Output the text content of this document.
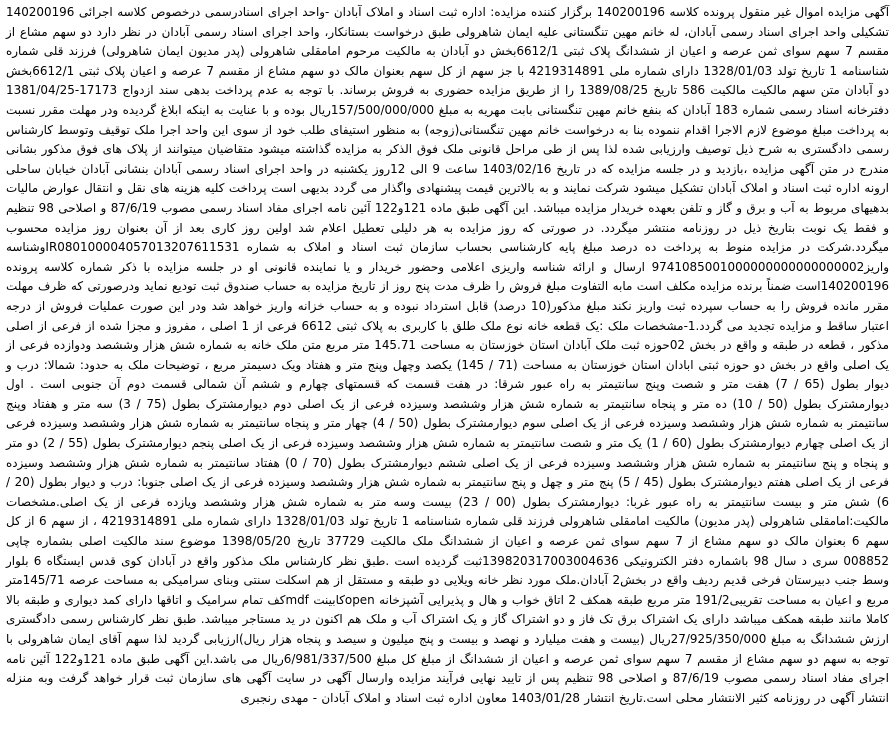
آگهی مزایده اموال غیر منقول پرونده کلاسه 140200196 برگزار کننده مزایده: اداره ثبت اسناد و املاک آبادان -واحد اجرای اسنادرسمی درخصوص کلاسه اجرائی 140200196 تشکیلی واحد اجرای اسناد رسمی آبادان، له خانم مهین تنگستانی علیه ایمان شاهرولی طبق درخواست بستانکار، واحد اجرای اسناد رسمی آبادان در نظر دارد دو سهم مشاع از مقسم 7 سهم سوای ثمن عرصه و اعیان از ششدانگ پلاک ثبتی 6612/1بخش دو آبادان به مالکیت مرحوم امامقلی شاهرولی (پدر مدیون ایمان شاهرولی) فرزند قلی شماره شناسنامه 1 تاریخ تولد 1328/01/03 دارای شماره ملی 4219314891 با جز سهم از کل سهم بعنوان مالک دو سهم مشاع از مقسم 7 عرصه و اعیان پلاک ثبتی 6612/1بخش دو آبادان متن سهم مالکیت مالکیت 586 تاریخ 1389/08/25 را از طریق مزایده حضوری به فروش برساند. با توجه به عدم پرداخت بدهی سند ازدواج 17173-1381/04/25 دفترخانه اسناد رسمی شماره 183 آبادان که بنفع خانم مهین تنگستانی بابت مهریه به مبلغ 157/500/000/000ریال بوده و با عنایت به اینکه ابلاغ گردیده ودر مهلت مقرر نسبت به پرداخت مبلغ موضوع لازم الاجرا اقدام ننموده بنا به درخواست خانم مهین تنگستانی(زوجه) به منظور استیفای طلب خود از سوی این واحد اجرا ملک توقیف وتوسط کارشناس رسمی دادگستری به شرح ذیل توصیف وارزیابی شده لذا پس از طی مراحل قانونی ملک فوق الذکر به مزایده گذاشته میشود متقاضیان میتوانند از پلاک های فوق مذکور بشانی مندرج در متن آگهی مزایده ،بازدید و در جلسه مزایده که در تاریخ 1403/02/16 ساعت 9 الی 12روز یکشنبه در واحد اجرای اسناد رسمی آبادان بنشانی آبادان خیابان ساحلی ارونه اداره ثبت اسناد و املاک آبادان تشکیل میشود شرکت نمایند و به بالاترین قیمت پیشنهادی واگذار می گردد بدیهی است پرداخت کلیه هزینه های نقل و انتقال عوارض مالیات بدهیهای مربوط به آب و برق و گاز و تلفن بعهده خریدار مزایده میباشد. این آگهی طبق ماده 121و122 آئین نامه اجرای مفاد اسناد رسمی مصوب 87/6/19 و اصلاحی 98 تنظیم و فقط یک نوبت بتاریخ ذیل در روزنامه منتشر میگردد. در صورتی که روز مزایده به هر دلیلی تعطیل اعلام شد اولین روز کاری بعد از آن بعنوان روز مزایده محسوب میگردد.شرکت در مزایده منوط به پرداخت ده درصد مبلغ پایه کارشناسی بحساب سازمان ثبت اسناد و املاک به شماره IR080100004057013207611531وشناسه واریز9741085001000000000000000002 ارسال و ارائه شناسه واریزی اعلامی وحضور خریدار و یا نماینده قانونی او در جلسه مزایده با ذکر شماره کلاسه پرونده 140200196است ضمناً برنده مزایده مکلف است مابه التفاوت مبلغ فروش را ظرف مدت پنج روز از تاریخ مزایده به حساب صندوق ثبت تودیع نماید ودرصورتی که ظرف مهلت مقرر مانده فروش را به حساب سپرده ثبت واریز نکند مبلغ مذکور(10 درصد) قابل استرداد نبوده و به حساب خزانه واریز خواهد شد ودر این صورت عملیات فروش از درجه اعتبار ساقط و مزایده تجدید می گردد.1-مشخصات ملک :یک قطعه خانه نوع ملک طلق با کاربری به پلاک ثبتی 6612 فرعی از 1 اصلی ، مفروز و مجزا شده از فرعی از اصلی مذکور ، قطعه در طبقه و واقع در بخش 02حوزه ثبت ملک آبادان استان خوزستان به مساحت 145.71 متر مربع متن ملک خانه به شماره شش هزار وششصد ودوازده فرعی از یک اصلی واقع در بخش دو حوزه ثبتی ابادان استان خوزستان به مساحت (71 / 145) یکصد وچهل وپنج متر و هفتاد ویک دسیمتر مربع ، توضیحات ملک به حدود: شمالا: درب و دیوار بطول (65 / 7) هفت متر و شصت وپنج سانتیمتر به راه عبور شرقا: در هفت قسمت که قسمتهای چهارم و ششم آن شمالی قسمت دوم آن جنوبی است . اول دیوارمشترک بطول (50 / 10) ده متر و پنجاه سانتیمتر به شماره شش هزار وششصد وسیزده فرعی از یک اصلی دوم دیوارمشترک بطول (75 / 3) سه متر و هفتاد وپنج سانتیمتر به شماره شش هزار وششصد وسیزده فرعی از یک اصلی سوم دیوارمشترک بطول (50 / 4) چهار متر و پنجاه سانتیمتر به شماره شش هزار وششصد وسیزده فرعی از یک اصلی چهارم دیوارمشترک بطول (60 / 1) یک متر و شصت سانتیمتر به شماره شش هزار وششصد وسیزده فرعی از یک اصلی پنجم دیوارمشترک بطول (55 / 2) دو متر و پنجاه و پنج سانتیمتر به شماره شش هزار وششصد وسیزده فرعی از یک اصلی ششم دیوارمشترک بطول (70 / 0) هفتاد سانتیمتر به شماره شش هزار وششصد وسیزده فرعی از یک اصلی هفتم دیوارمشترک بطول (45 / 5) پنج متر و چهل و پنج سانتیمتر به شماره شش هزار وششصد وسیزده فرعی از یک اصلی جنوبا: درب و دیوار بطول (20 / 6) شش متر و بیست سانتیمتر به راه عبور غربا: دیوارمشترک بطول (00 / 23) بیست وسه متر به شماره شش هزار وششصد ویازده فرعی از یک اصلی.مشخصات مالکیت:امامقلی شاهرولی (پدر مدیون) مالکیت امامقلی شاهرولی فرزند قلی شماره شناسنامه 1 تاریخ تولد 1328/01/03 دارای شماره ملی 4219314891 ، از سهم 6 از کل سهم 6 بعنوان مالک دو سهم مشاع از 7 سهم سوای ثمن عرصه و اعیان از ششدانگ ملک مالکیت 37729 تاریخ 1398/05/20 موضوع سند مالکیت اصلی بشماره چاپی 008852 سری د سال 98 باشماره دفتر الکترونیکی 139820317003004636ثبت گردیده است .طبق نظر کارشناس ملک مذکور واقع در آبادان کوی قدس ایستگاه 6 بلوار وسط جنب دبیرستان فرخی قدیم ردیف واقع در بخش2 آبادان.ملک مورد نظر خانه ویلایی دو طبقه و مستقل از هم اسکلت سنتی وبنای سرامیکی به مساحت عرصه 145/71متر مربع و اعیان به مساحت تقریبی191/2 متر مربع طبقه همکف 2 اتاق خواب و هال و پذیرایی آشپزخانه openکابینت mdfکف تمام سرامیک و اتاقها دارای کمد دیواری و طبقه بالا کاملا مانند طبقه همکف میباشد دارای یک اشتراک برق تک فاز و دو اشتراک گاز و یک اشتراک آب و ملک هم اکنون در ید مستاجر میباشد. طبق نظر کارشناس رسمی دادگستری ارزش ششدانگ به مبلغ 27/925/350/000ریال (بیست و هفت میلیارد و نهصد و بیست و پنج میلیون و سیصد و پنجاه هزار ریال)ارزیابی گردید لذا سهم آقای ایمان شاهرولی با توجه به سهم دو سهم مشاع از مقسم 7 سهم سوای ثمن عرصه و اعیان از ششدانگ از مبلغ کل مبلغ 6/981/337/500ریال می باشد.این آگهی طبق ماده 121و122 آئین نامه اجرای مفاد اسناد رسمی مصوب 87/6/19 و اصلاحی 98 تنظیم پس از تایید نهایی فرآیند مزایده وارسال آگهی در سایت آگهی های سازمان ثبت قرار خواهد گرفت وبه منزله انتشار آگهی در روزنامه کثیر الانتشار محلی است.تاریخ انتشار 1403/01/28 معاون اداره ثبت اسناد و املاک آبادان - مهدی رنجبری
